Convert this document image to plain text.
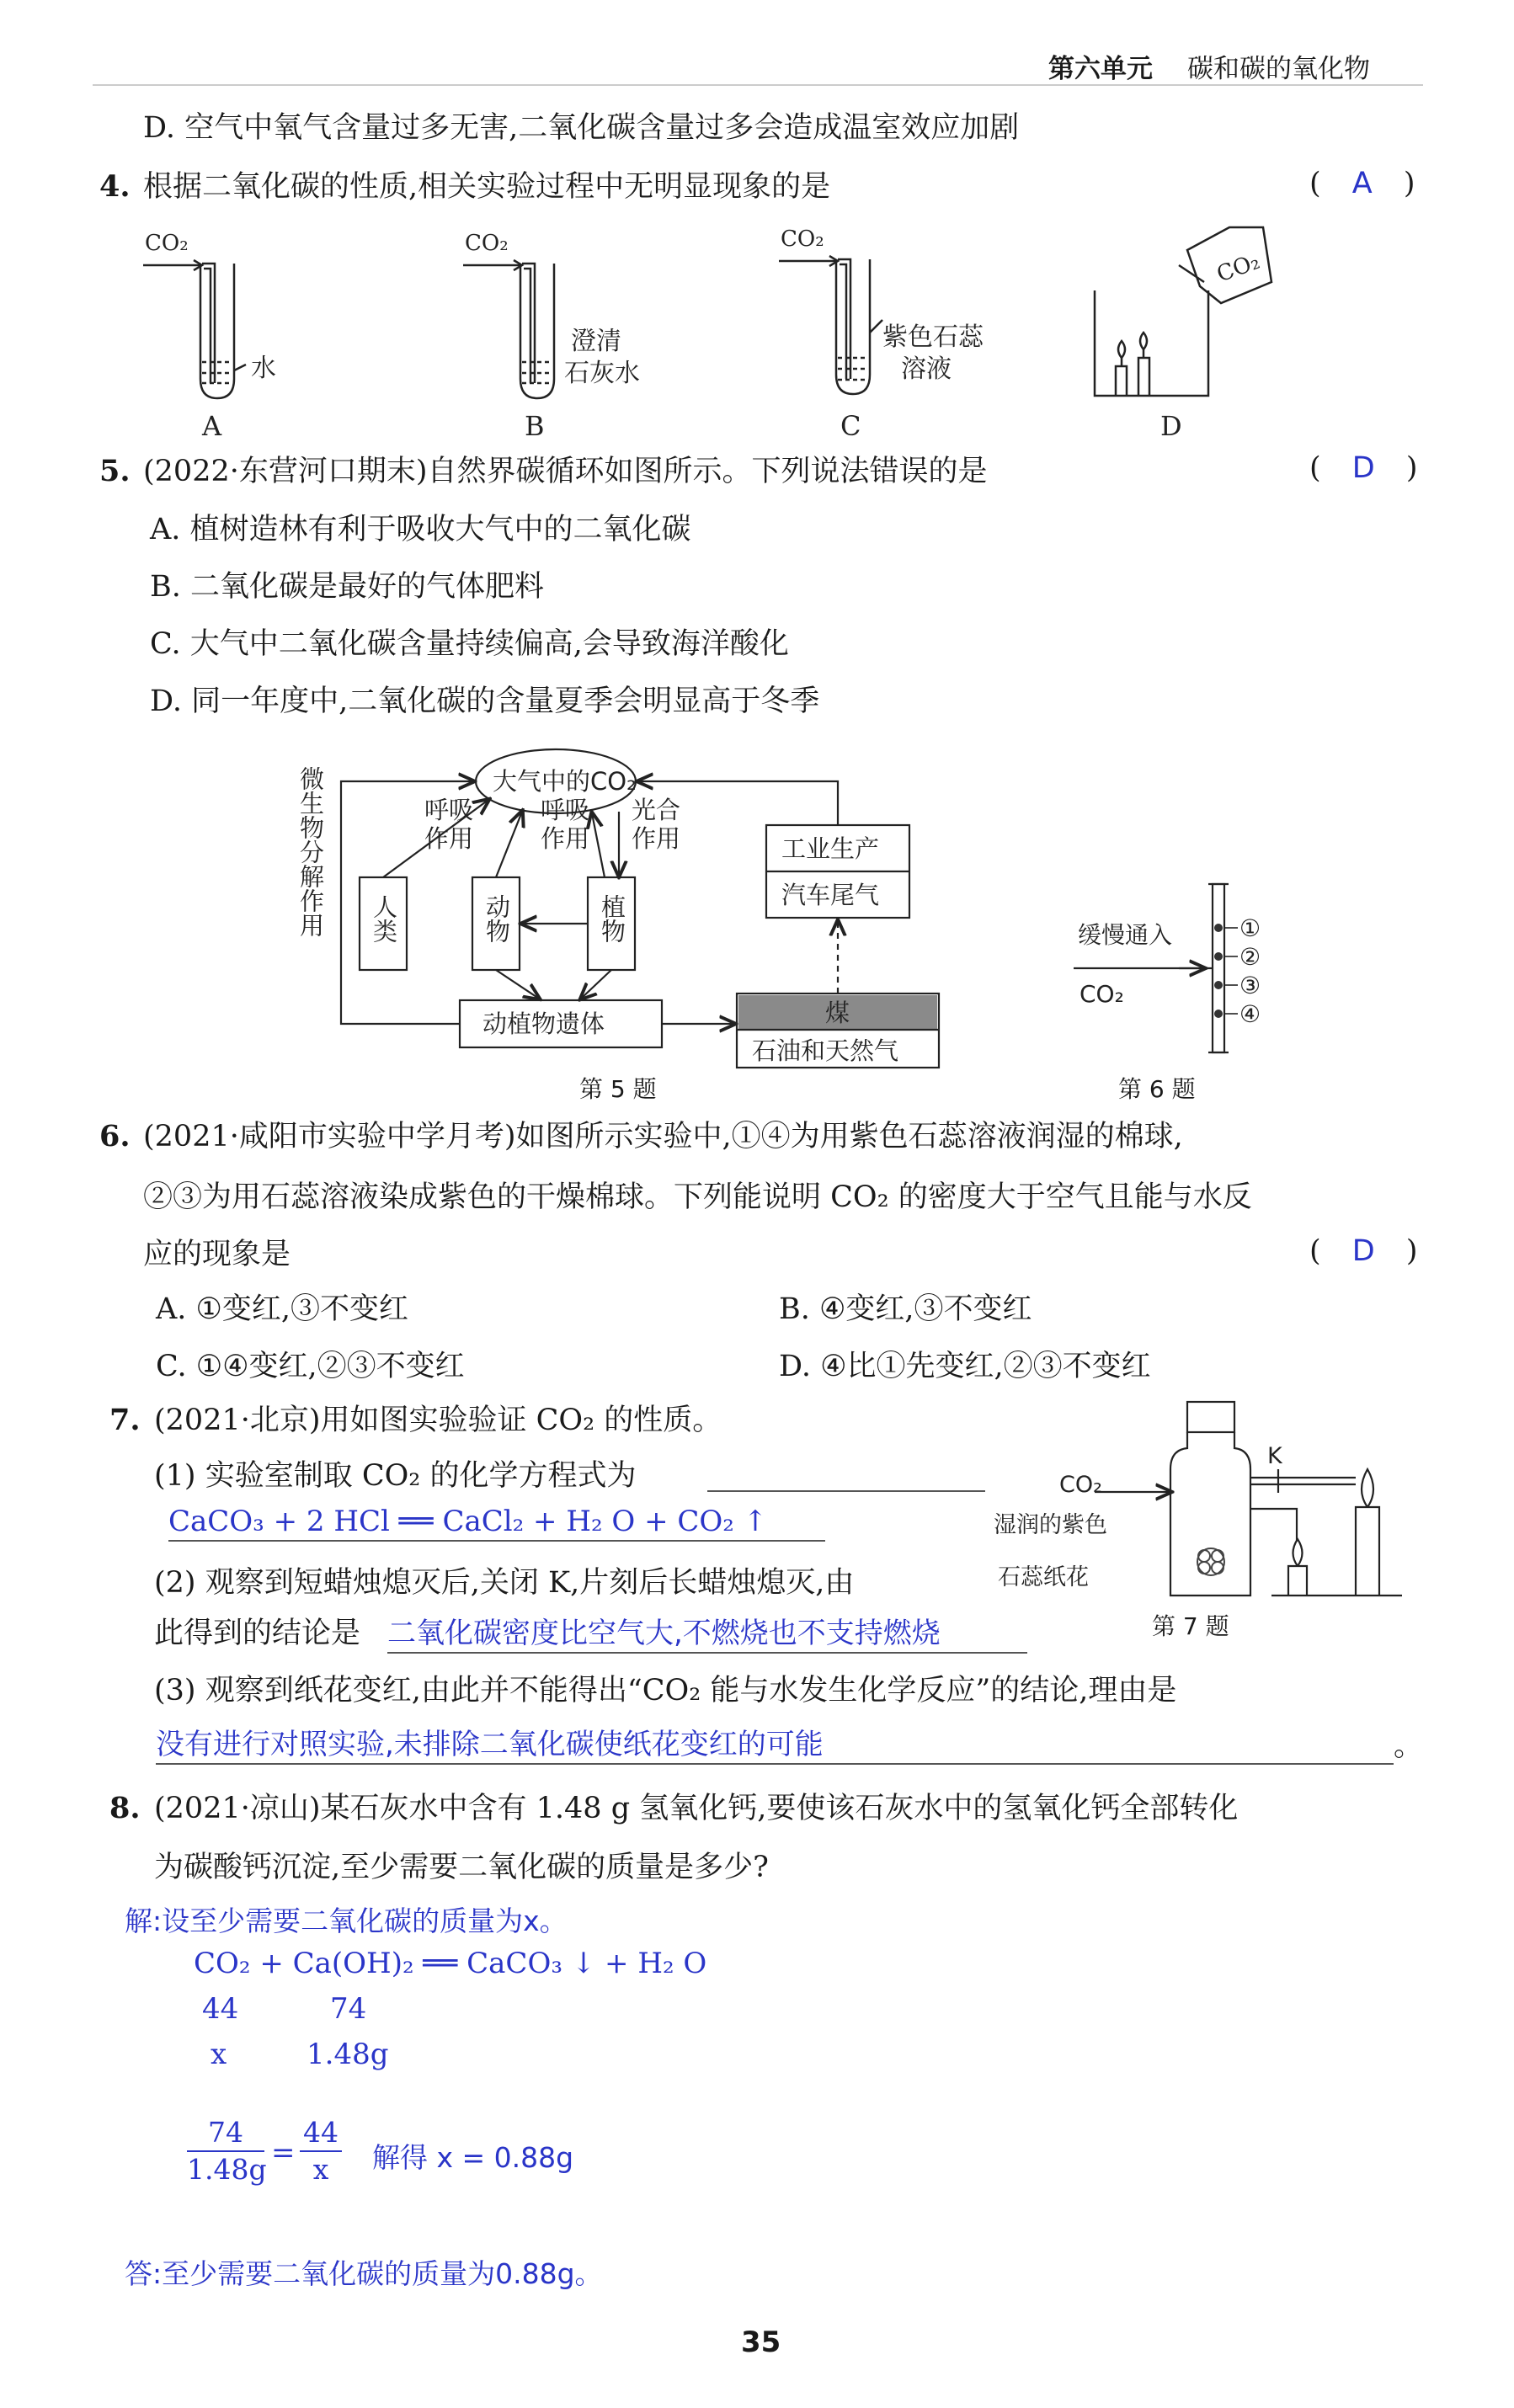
第六单元 碳和碳的氧化物
D. 空气中氧气含量过多无害,二氧化碳含量过多会造成温室效应加剧
4. 根据二氧化碳的性质,相关实验过程中无明显现象的是	( A )
CO₂
水
A
CO₂
澄清
石灰水
B
CO₂
紫色石蕊
溶液
C
CO₂
D
5. (2022·东营河口期末)自然界碳循环如图所示。下列说法错误的是	( D )
A. 植树造林有利于吸收大气中的二氧化碳
B. 二氧化碳是最好的气体肥料
C. 大气中二氧化碳含量持续偏高,会导致海洋酸化
D. 同一年度中,二氧化碳的含量夏季会明显高于冬季
大气中的CO₂
呼吸
作用
呼吸
作用
光合
作用
动植物遗体
工业生产
汽车尾气
煤
石油和天然气
微生物分解作用 人类	动物	植物
第 5 题
缓慢通入
CO₂
①
②
③
④
第 6 题
6. (2021·咸阳市实验中学月考)如图所示实验中,①④为用紫色石蕊溶液润湿的棉球,
②③为用石蕊溶液染成紫色的干燥棉球。下列能说明 CO₂ 的密度大于空气且能与水反
应的现象是	( D )
A. ①变红,③不变红	B. ④变红,③不变红
C. ①④变红,②③不变红	D. ④比①先变红,②③不变红
7. (2021·北京)用如图实验验证 CO₂ 的性质。
(1) 实验室制取 CO₂ 的化学方程式为
CaCO₃ + 2 HCl ══ CaCl₂ + H₂ O + CO₂ ↑
(2) 观察到短蜡烛熄灭后,关闭 K,片刻后长蜡烛熄灭,由
此得到的结论是 二氧化碳密度比空气大,不燃烧也不支持燃烧
(3) 观察到纸花变红,由此并不能得出“CO₂ 能与水发生化学反应”的结论,理由是
没有进行对照实验,未排除二氧化碳使纸花变红的可能	。
CO₂
K
湿润的紫色
石蕊纸花
第 7 题
8. (2021·凉山)某石灰水中含有 1.48 g 氢氧化钙,要使该石灰水中的氢氧化钙全部转化
为碳酸钙沉淀,至少需要二氧化碳的质量是多少?
解:设至少需要二氧化碳的质量为x。
CO₂ + Ca(OH)₂ ══ CaCO₃ ↓ + H₂ O
44	74
x	1.48g
$\frac{74}{1.48g} = \frac{44}{x}$ 解得 x = 0.88g
答:至少需要二氧化碳的质量为0.88g。
35
